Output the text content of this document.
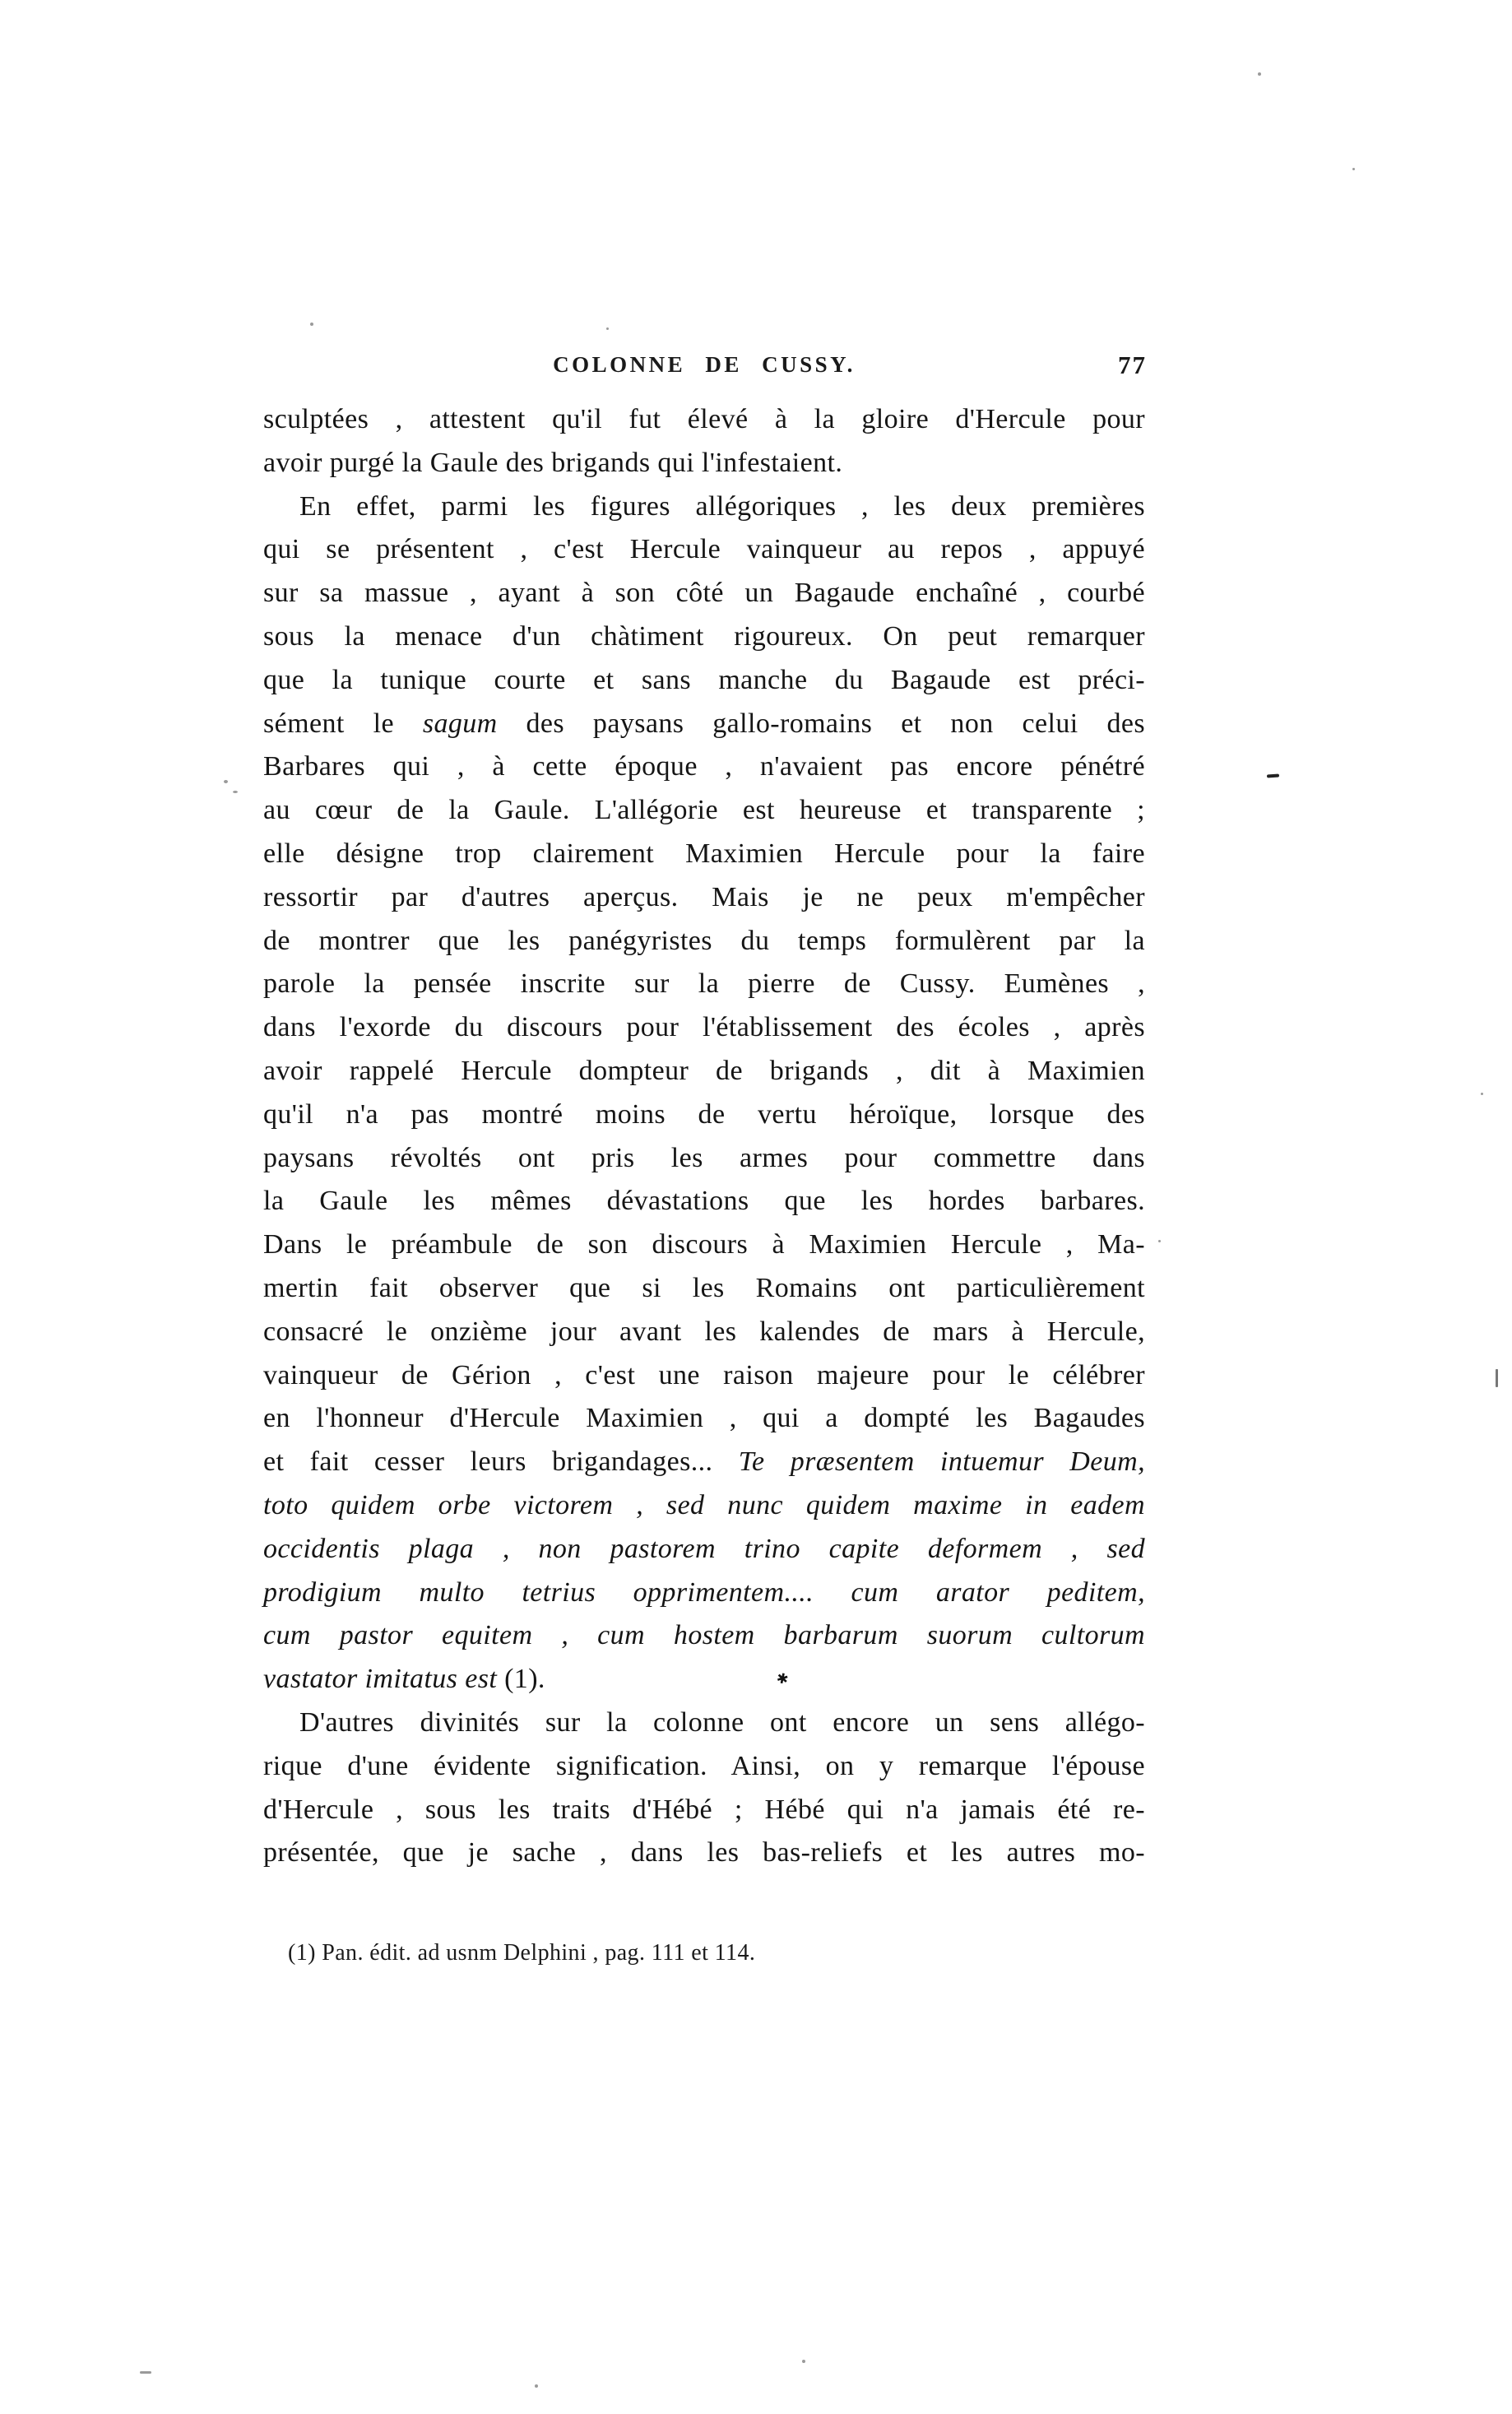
COLONNE DE CUSSY.	77
sculptées , attestent qu'il fut élevé à la gloire d'Hercule pour
avoir purgé la Gaule des brigands qui l'infestaient.
En effet, parmi les figures allégoriques , les deux premières
qui se présentent , c'est Hercule vainqueur au repos , appuyé
sur sa massue , ayant à son côté un Bagaude enchaîné , courbé
sous la menace d'un chàtiment rigoureux. On peut remarquer
que la tunique courte et sans manche du Bagaude est préci-
sément le sagum des paysans gallo-romains et non celui des
Barbares qui , à cette époque , n'avaient pas encore pénétré
au cœur de la Gaule. L'allégorie est heureuse et transparente ;
elle désigne trop clairement Maximien Hercule pour la faire
ressortir par d'autres aperçus. Mais je ne peux m'empêcher
de montrer que les panégyristes du temps formulèrent par la
parole la pensée inscrite sur la pierre de Cussy. Eumènes ,
dans l'exorde du discours pour l'établissement des écoles , après
avoir rappelé Hercule dompteur de brigands , dit à Maximien
qu'il n'a pas montré moins de vertu héroïque, lorsque des
paysans révoltés ont pris les armes pour commettre dans
la Gaule les mêmes dévastations que les hordes barbares.
Dans le préambule de son discours à Maximien Hercule , Ma-
mertin fait observer que si les Romains ont particulièrement
consacré le onzième jour avant les kalendes de mars à Hercule,
vainqueur de Gérion , c'est une raison majeure pour le célébrer
en l'honneur d'Hercule Maximien , qui a dompté les Bagaudes
et fait cesser leurs brigandages... Te præsentem intuemur Deum,
toto quidem orbe victorem , sed nunc quidem maxime in eadem
occidentis plaga , non pastorem trino capite deformem , sed
prodigium multo tetrius opprimentem.... cum arator peditem,
cum pastor equitem , cum hostem barbarum suorum cultorum
vastator imitatus est (1).
D'autres divinités sur la colonne ont encore un sens allégo-
rique d'une évidente signification. Ainsi, on y remarque l'épouse
d'Hercule , sous les traits d'Hébé ; Hébé qui n'a jamais été re-
présentée, que je sache , dans les bas-reliefs et les autres mo-
(1) Pan. édit. ad usnm Delphini , pag. 111 et 114.
✱
